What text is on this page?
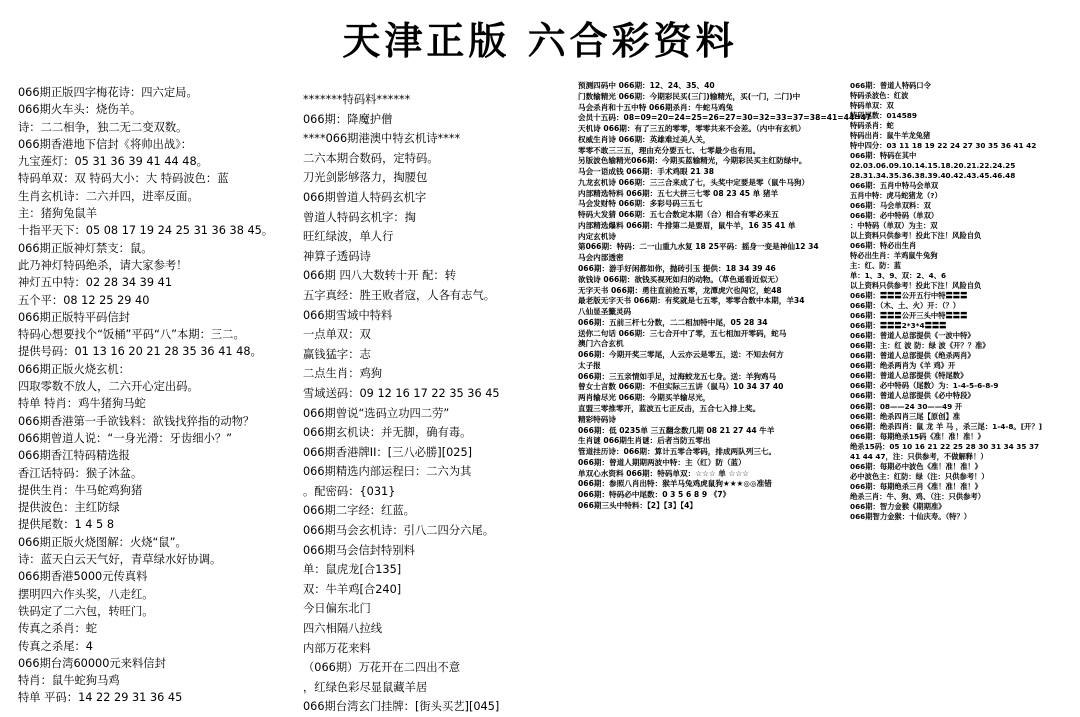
天津正版 六合彩资料
066期正版四字梅花诗：四六定局。
066期火车头：烧伤羊。
诗：二二相争，独二无二变双数。
066期香港地下信封《将帅出战》：
九宝莲灯：05 31 36 39 41 44 48。
特码单双：双 特码大小：大 特码波色：蓝
生肖玄机诗：二六并四，进率反面。
主：猪狗兔鼠羊
十指平天下：05 08 17 19 24 25 31 36 38 45。
066期正版神灯禁支：鼠。
此乃神灯特码绝杀，请大家参考！
神灯五中特：02 28 34 39 41
五个平：08 12 25 29 40
066期正版特平码信封
特码心想要找个“饭桶”平码“八”本期：三二。
提供号码：01 13 16 20 21 28 35 36 41 48。
066期正版火烧玄机：
四取零数不放人，二六开心定出码。
特单 特肖：鸡牛猪狗马蛇
066期香港第一手欲钱料：欲钱找猝指的动物？
066期曾道人说：“一身光滑：牙齿细小？”
066期香江特码精选报
香江话特码：猴子沐盆。
提供生肖：牛马蛇鸡狗猪
提供波色：主红防绿
提供尾数：1 4 5 8
066期正版火烧图解：火烧“鼠”。
诗：蓝天白云天气好，青草绿水好协调。
066期香港5000元传真料
摆明四六作头奖，八走红。
铁码定了二六包，转旺门。
传真之杀肖：蛇
传真之杀尾：4
066期台湾60000元来料信封
特肖：鼠牛蛇狗马鸡
特单 平码：14 22 29 31 36 45
*******特码料******
066期：降魔护僧
****066期港澳中特玄机诗****
二六本期合数码，定特码。
刀光剑影够落力，掏腰包
066期曾道人特码玄机字
曾道人特码玄机字：掏
旺红绿波，单人行
神算子透码诗
066期 四八大数转十开 配：转
五字真经：胜王败者寇，人各有志气。
066期雪域中特料
一点单双：双
赢钱猛字：志
二点生肖：鸡狗
雪域送码：09 12 16 17 22 35 36 45
066期曾说“选码立功四二劳”
066期玄机诀：并无脚，确有毒。
066期香港牌II：[三八必勝][025]
066期精选内部运程曰：二六为其
。配密码：{031}
066期二字经：红蓝。
066期马会玄机诗：引八二四分六尾。
066期马会信封特别料
单：鼠虎龙[合135]
双：牛羊鸡[合240]
今日偏东北门
四六相隔八拉线
内部万花来料
（066期）万花开在二四出不意
，红绿色彩尽显鼠藏羊居
066期台湾玄门挂牌：[街头买艺][045]
预测四码中 066期：12、24、35、40
门数输精光 066期：今期彩民买(三门)输精光，买(一门，二门)中
马会杀肖和十五中特 066期杀肖：牛蛇马鸡兔
会员十五码：08=09=20=24=25=26=27=30=32=33=37=38=41=44=47
天机诗 066期：有了三五的零零，零零共来不会差。（内中有玄机）
权威生肖诗 066期：英雄难过美人关，
零零不敢三三五，理由充分要五七、七零最少也有用。
另版波色输精光066期：今期买蓝输精光，今期彩民买主红防绿中。
马会一语成钱 066期：手术鸡眼 21 38
九龙玄机诗 066期：三三合来成了七，头奖中定要是零（鼠牛马狗）
内部精选特料 066期：五七大拼三七零 08 23 45 单 猪羊
马会发财特 066期：多彩号码三五七
特码大发猜 066期：五七合数定本期（合）相合有零必来五
内部精选爆料 066期：牛排第二是要眉，鼠牛羊，16 35 41 单
内定玄机诗
第066期：特码：二一山重九水复 18 25平码：摇身一变是神仙12 34
马会内部透密
066期：游手好闲都如你，抛砖引玉 提供：18 34 39 46
欲钱诗 066期：欲钱买视死如归的动物。（草色遥看近似无）
无字天书 066期：勇往直前抢五零，龙潭虎穴也闯它，蛇48
最老版无字天书 066期：有奖就是七五零，零零合数中本期，羊34
八仙显圣籤灵码
066期：五前三杆七分数，二二相加特中尾，05 28 34
送你二句话 066期：三七合开中了零，五七相加开零码，蛇马
澳门六合玄机
066期：今期开奖三零尾，人云亦云是零五，送：不知去何方
太子报
066期：三五亲情如手足，过海蛟龙五七身。送：羊狗鸡马
曾女士言数 066期：不但实际三五讲（鼠马）10 34 37 40
两肖输尽光 066期：今期买羊输尽光，
直盟三零推零开，蓝波五七正反击，五合七入排上奖。
精彩特码诗
066期：低 0235单 三五翻念数几期 08 21 27 44 牛羊
生肖谜 066期生肖谜：后者当防五零出
管道挂历诗：066期：算计五零合零码，排成两队列三七。
066期：曾道人期期两波中特：主（红）防（蓝）
单双心水资料 066期：特码单双：☆☆☆ 单 ☆☆☆
066期：参照八肖出特：猴羊马兔鸡虎鼠狗★★★◎◎准错
066期：特码必中尾数：0 3 5 6 8 9 《7》
066期三头中特料：【2】【3】【4】
066期：曾道人特码口令
特码杀波色：红波
特码单双：双
特码尾数：014589
特码杀肖：蛇
特码出肖：鼠牛羊龙兔猪
特中四分：03 11 18 19 22 24 27 30 35 36 41 42
066期：特码在其中
02.03.06.09.10.14.15.18.20.21.22.24.25
28.31.34.35.36.38.39.40.42.43.45.46.48
066期：五肖中特马会单双
五肖中特：虎马蛇猪龙（?）
066期：马会单双料：双
066期：必中特码（单双）
：中特码（单双）为主：双
以上资料只供参考！投此下注！风险自负
066期：特必出生肖
特必出生肖：羊鸡鼠牛兔狗
主：红、防：蓝
单：1、3、9、双：2、4、6
以上资料只供参考！投此下注！风险自负
066期：〓〓〓公开五行中特〓〓〓
066期：（木、土、火）开：（？）
066期：〓〓〓公开三头中特〓〓〓
066期：〓〓〓2*3*4〓〓〓
066期：曾道人总部提供《一波中特》
066期：主：红 波 防：绿 波《开？？准》
066期：曾道人总部提供《绝杀两肖》
066期：绝杀两肖为《羊 鸡》开
066期：曾道人总部提供《特尾数》
066期：必中特码（尾数）为：1-4-5-6-8-9
066期：曾道人总部提供《必中特段》
066期：08——24 30——49 开
066期：绝杀四肖三尾【原创】准
066期：绝杀四肖：鼠 龙 羊 马 ，杀三尾：1-4-8。[开？]
066期：每期绝杀15码《准！准！准！》
绝杀15码：05 10 16 21 22 25 28 30 31 34 35 37
41 44 47，注：只供参考，不做解释！）
066期：每期必中波色《准！准！准！》
必中波色主：红防：绿（注：只供参考！）
066期：每期绝杀三肖《准！准！准！》
绝杀三肖：牛、狗、鸡、（注：只供参考）
066期：智力金猴《期期准》
066期智力金猴：十仙庆寿。（特？）
